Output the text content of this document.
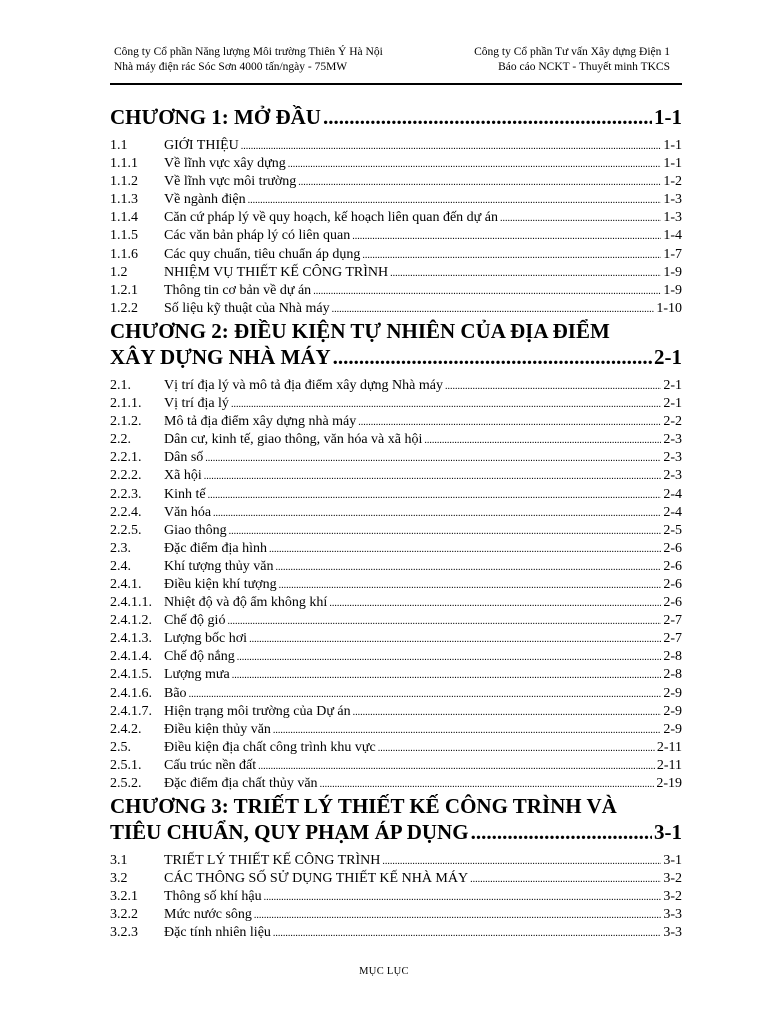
Công ty Cổ phần Năng lượng Môi trường Thiên Ý Hà Nội
Nhà máy điện rác Sóc Sơn 4000 tấn/ngày - 75MW
Công ty Cổ phần Tư vấn Xây dựng Điện 1
Báo cáo NCKT - Thuyết minh TKCS
CHƯƠNG 1: MỞ ĐẦU .....	1-1
1.1	GIỚI THIỆU .....	1-1
1.1.1	Về lĩnh vực xây dựng .....	1-1
1.1.2	Về lĩnh vực môi trường .....	1-2
1.1.3	Về ngành điện .....	1-3
1.1.4	Căn cứ pháp lý về quy hoạch, kế hoạch liên quan đến dự án .....	1-3
1.1.5	Các văn bản pháp lý có liên quan .....	1-4
1.1.6	Các quy chuẩn, tiêu chuẩn áp dụng .....	1-7
1.2	NHIỆM VỤ THIẾT KẾ CÔNG TRÌNH .....	1-9
1.2.1	Thông tin cơ bản về dự án .....	1-9
1.2.2	Số liệu kỹ thuật của Nhà máy .....	1-10
CHƯƠNG 2: ĐIỀU KIỆN TỰ NHIÊN CỦA ĐỊA ĐIỂM
XÂY DỰNG NHÀ MÁY .....	2-1
2.1.	Vị trí địa lý và mô tả địa điểm xây dựng Nhà máy .....	2-1
2.1.1.	Vị trí địa lý .....	2-1
2.1.2.	Mô tả địa điểm xây dựng nhà máy .....	2-2
2.2.	Dân cư, kinh tế, giao thông, văn hóa và xã hội .....	2-3
2.2.1.	Dân số .....	2-3
2.2.2.	Xã hội .....	2-3
2.2.3.	Kinh tế .....	2-4
2.2.4.	Văn hóa .....	2-4
2.2.5.	Giao thông .....	2-5
2.3.	Đặc điểm địa hình .....	2-6
2.4.	Khí tượng thủy văn .....	2-6
2.4.1.	Điều kiện khí tượng .....	2-6
2.4.1.1. Nhiệt độ và độ ẩm không khí .....	2-6
2.4.1.2. Chế độ gió .....	2-7
2.4.1.3. Lượng bốc hơi .....	2-7
2.4.1.4. Chế độ nắng .....	2-8
2.4.1.5. Lượng mưa .....	2-8
2.4.1.6. Bão .....	2-9
2.4.1.7. Hiện trạng môi trường của Dự án .....	2-9
2.4.2.	Điều kiện thủy văn .....	2-9
2.5.	Điều kiện địa chất công trình khu vực .....	2-11
2.5.1.	Cấu trúc nền đất .....	2-11
2.5.2.	Đặc điểm địa chất thủy văn .....	2-19
CHƯƠNG 3: TRIẾT LÝ THIẾT KẾ CÔNG TRÌNH VÀ
TIÊU CHUẨN, QUY PHẠM ÁP DỤNG .....	3-1
3.1	TRIẾT LÝ THIẾT KẾ CÔNG TRÌNH .....	3-1
3.2	CÁC THÔNG SỐ SỬ DỤNG THIẾT KẾ NHÀ MÁY .....	3-2
3.2.1	Thông số khí hậu .....	3-2
3.2.2	Mức nước sông .....	3-3
3.2.3	Đặc tính nhiên liệu .....	3-3
MỤC LỤC
